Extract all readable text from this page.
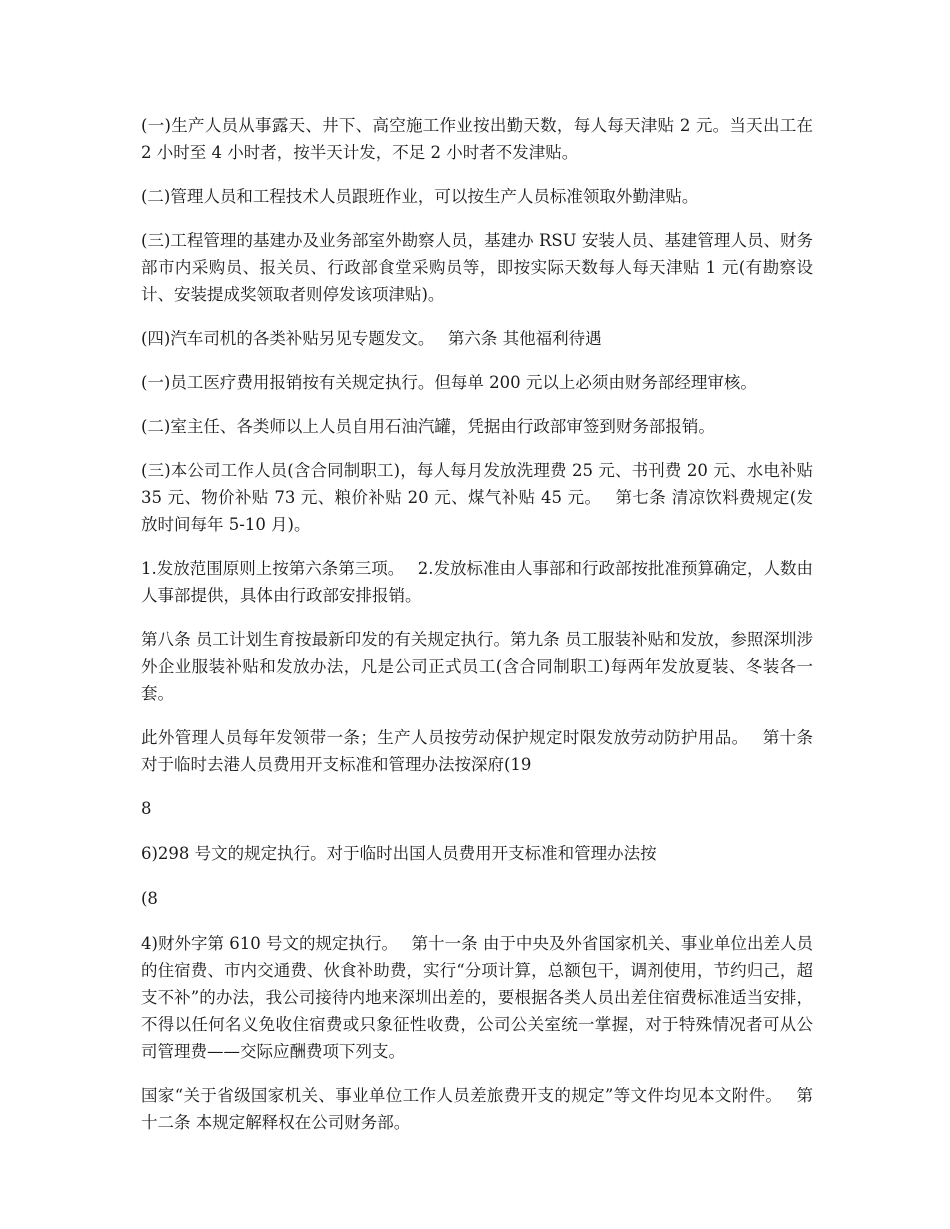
(一)生产人员从事露天、井下、高空施工作业按出勤天数，每人每天津贴 2 元。当天出工在 2 小时至 4 小时者，按半天计发，不足 2 小时者不发津贴。

(二)管理人员和工程技术人员跟班作业，可以按生产人员标准领取外勤津贴。

(三)工程管理的基建办及业务部室外勘察人员，基建办 RSU 安装人员、基建管理人员、财务部市内采购员、报关员、行政部食堂采购员等，即按实际天数每人每天津贴 1 元(有勘察设计、安装提成奖领取者则停发该项津贴)。

(四)汽车司机的各类补贴另见专题发文。　 第六条 其他福利待遇

(一)员工医疗费用报销按有关规定执行。但每单 200 元以上必须由财务部经理审核。

(二)室主任、各类师以上人员自用石油汽罐，凭据由行政部审签到财务部报销。

(三)本公司工作人员(含合同制职工)，每人每月发放洗理费 25 元、书刊费 20 元、水电补贴 35 元、物价补贴 73 元、粮价补贴 20 元、煤气补贴 45 元。　 第七条 清凉饮料费规定(发放时间每年 5-10 月)。

1.发放范围原则上按第六条第三项。　 2.发放标准由人事部和行政部按批准预算确定，人数由人事部提供，具体由行政部安排报销。

第八条 员工计划生育按最新印发的有关规定执行。第九条 员工服装补贴和发放，参照深圳涉外企业服装补贴和发放办法，凡是公司正式员工(含合同制职工)每两年发放夏装、冬装各一套。

此外管理人员每年发领带一条；生产人员按劳动保护规定时限发放劳动防护用品。　 第十条 对于临时去港人员费用开支标准和管理办法按深府(19

8

6)298 号文的规定执行。对于临时出国人员费用开支标准和管理办法按

(8

4)财外字第 610 号文的规定执行。　 第十一条 由于中央及外省国家机关、事业单位出差人员的住宿费、市内交通费、伙食补助费，实行“分项计算，总额包干，调剂使用，节约归己，超支不补”的办法，我公司接待内地来深圳出差的，要根据各类人员出差住宿费标准适当安排，不得以任何名义免收住宿费或只象征性收费，公司公关室统一掌握，对于特殊情况者可从公司管理费——交际应酬费项下列支。

国家“关于省级国家机关、事业单位工作人员差旅费开支的规定”等文件均见本文附件。　 第十二条 本规定解释权在公司财务部。
